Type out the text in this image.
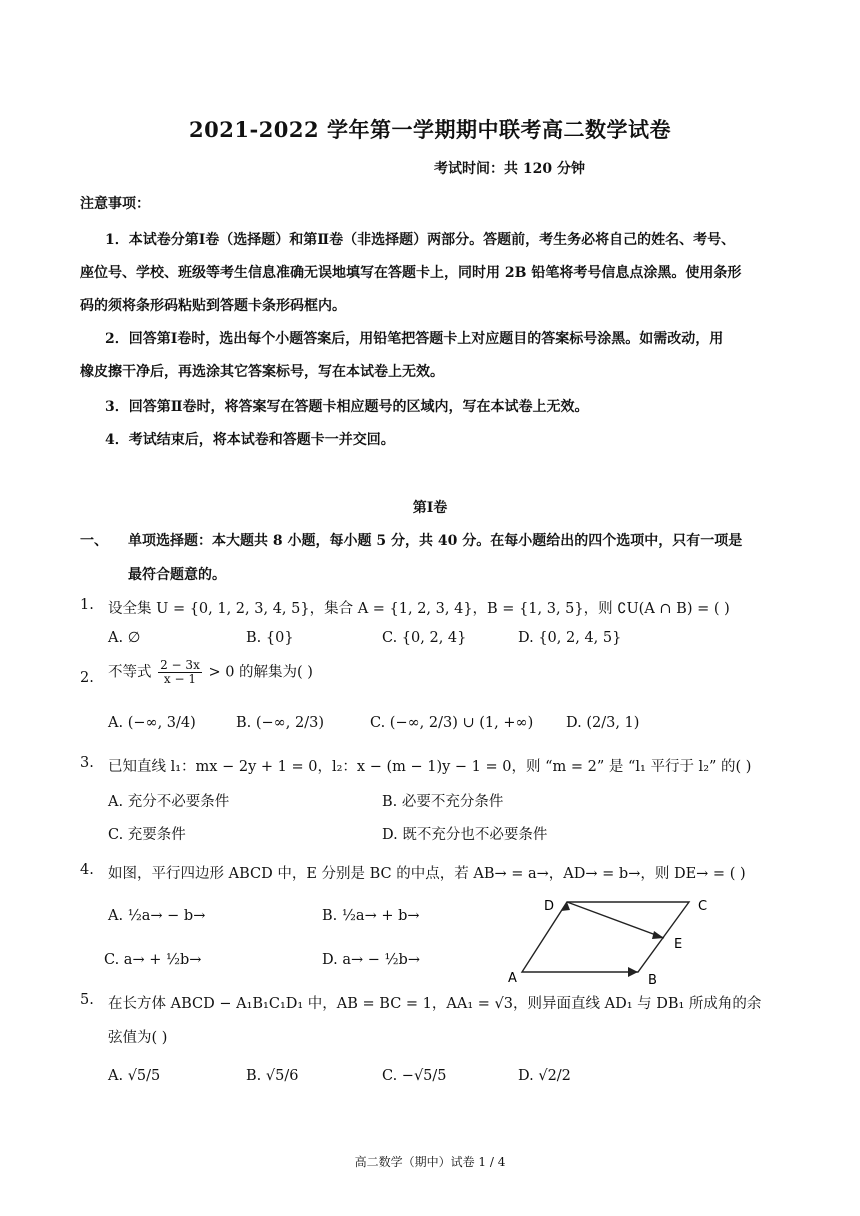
2021-2022 学年第一学期期中联考高二数学试卷
考试时间：共 120 分钟
注意事项：
1．本试卷分第Ⅰ卷（选择题）和第Ⅱ卷（非选择题）两部分。答题前，考生务必将自己的姓名、考号、
座位号、学校、班级等考生信息准确无误地填写在答题卡上，同时用 2B 铅笔将考号信息点涂黑。使用条形
码的须将条形码粘贴到答题卡条形码框内。
2．回答第Ⅰ卷时，选出每个小题答案后，用铅笔把答题卡上对应题目的答案标号涂黑。如需改动，用
橡皮擦干净后，再选涂其它答案标号，写在本试卷上无效。
3．回答第Ⅱ卷时，将答案写在答题卡相应题号的区域内，写在本试卷上无效。
4．考试结束后，将本试卷和答题卡一并交回。
第Ⅰ卷
一、 单项选择题：本大题共 8 小题，每小题 5 分，共 40 分。在每小题给出的四个选项中，只有一项是
最符合题意的。
1. 设全集 U = {0, 1, 2, 3, 4, 5}，集合 A = {1, 2, 3, 4}，B = {1, 3, 5}，则 ∁U(A ∩ B) = ( )
A. ∅	B. {0}	C. {0, 2, 4}	D. {0, 2, 4, 5}
2. 不等式 $\frac{2 - 3x}{x - 1} > 0$ 的解集为( )
A. (−∞, 3/4)	B. (−∞, 2/3)	C. (−∞, 2/3) ∪ (1, +∞) D. (2/3, 1)
3. 已知直线 l₁：mx − 2y + 1 = 0，l₂：x − (m − 1)y − 1 = 0，则 “m = 2” 是 “l₁ 平行于 l₂” 的( )
A. 充分不必要条件	B. 必要不充分条件
C. 充要条件	D. 既不充分也不必要条件
4. 如图，平行四边形 ABCD 中，E 分别是 BC 的中点，若 AB→ = a→，AD→ = b→，则 DE→ = ( )
A. ½a→ − b→	B. ½a→ + b→
C. a→ + ½b→	D. a→ − ½b→
D	C
E
A	B
5. 在长方体 ABCD − A₁B₁C₁D₁ 中，AB = BC = 1，AA₁ = √3，则异面直线 AD₁ 与 DB₁ 所成角的余
弦值为( )
A. √5/5	B. √5/6	C. −√5/5	D. √2/2
高二数学（期中）试卷 1 / 4
